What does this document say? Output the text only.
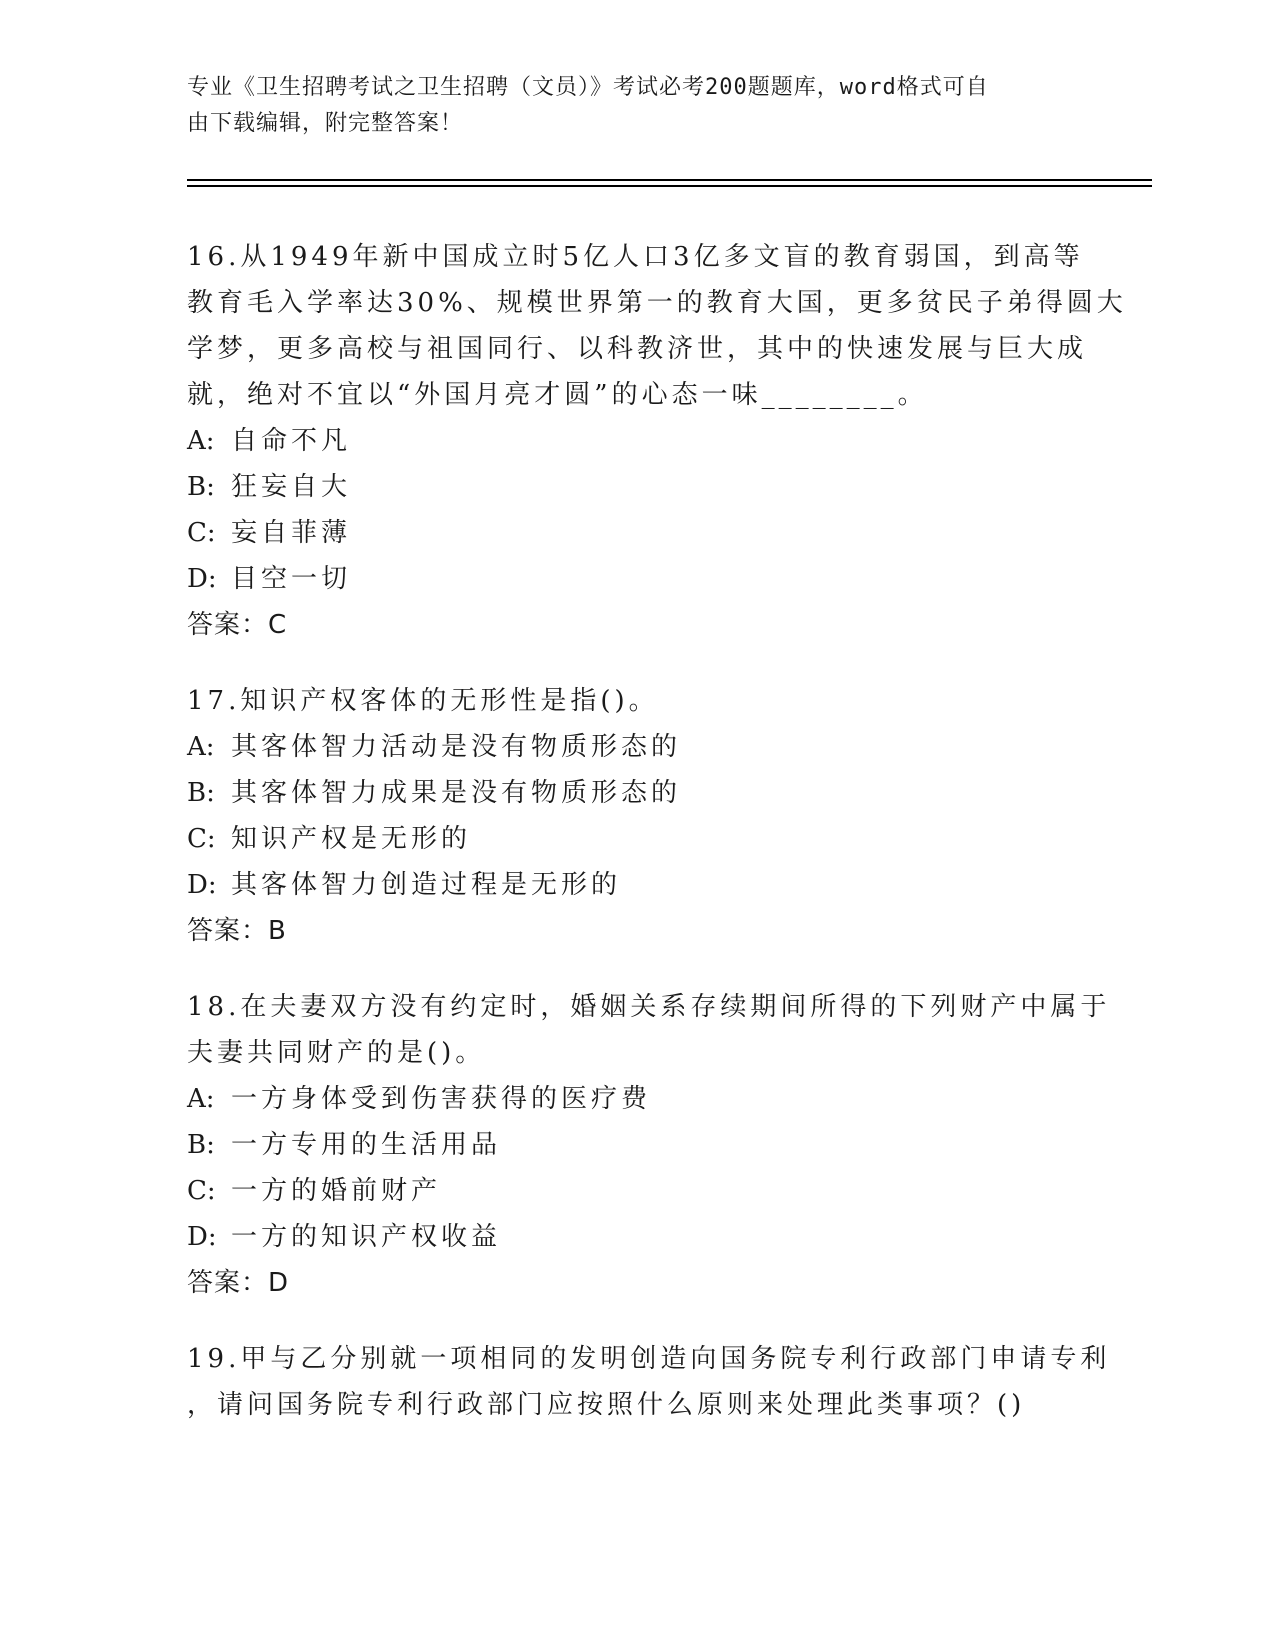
专业《卫生招聘考试之卫生招聘（文员）》考试必考200题题库，word格式可自
由下载编辑，附完整答案！
16.从1949年新中国成立时5亿人口3亿多文盲的教育弱国，到高等
教育毛入学率达30%、规模世界第一的教育大国，更多贫民子弟得圆大
学梦，更多高校与祖国同行、以科教济世，其中的快速发展与巨大成
就，绝对不宜以“外国月亮才圆”的心态一味________。
A: 自命不凡
B: 狂妄自大
C: 妄自菲薄
D: 目空一切
答案：C
17.知识产权客体的无形性是指()。
A: 其客体智力活动是没有物质形态的
B: 其客体智力成果是没有物质形态的
C: 知识产权是无形的
D: 其客体智力创造过程是无形的
答案：B
18.在夫妻双方没有约定时，婚姻关系存续期间所得的下列财产中属于
夫妻共同财产的是()。
A: 一方身体受到伤害获得的医疗费
B: 一方专用的生活用品
C: 一方的婚前财产
D: 一方的知识产权收益
答案：D
19.甲与乙分别就一项相同的发明创造向国务院专利行政部门申请专利
，请问国务院专利行政部门应按照什么原则来处理此类事项？()
